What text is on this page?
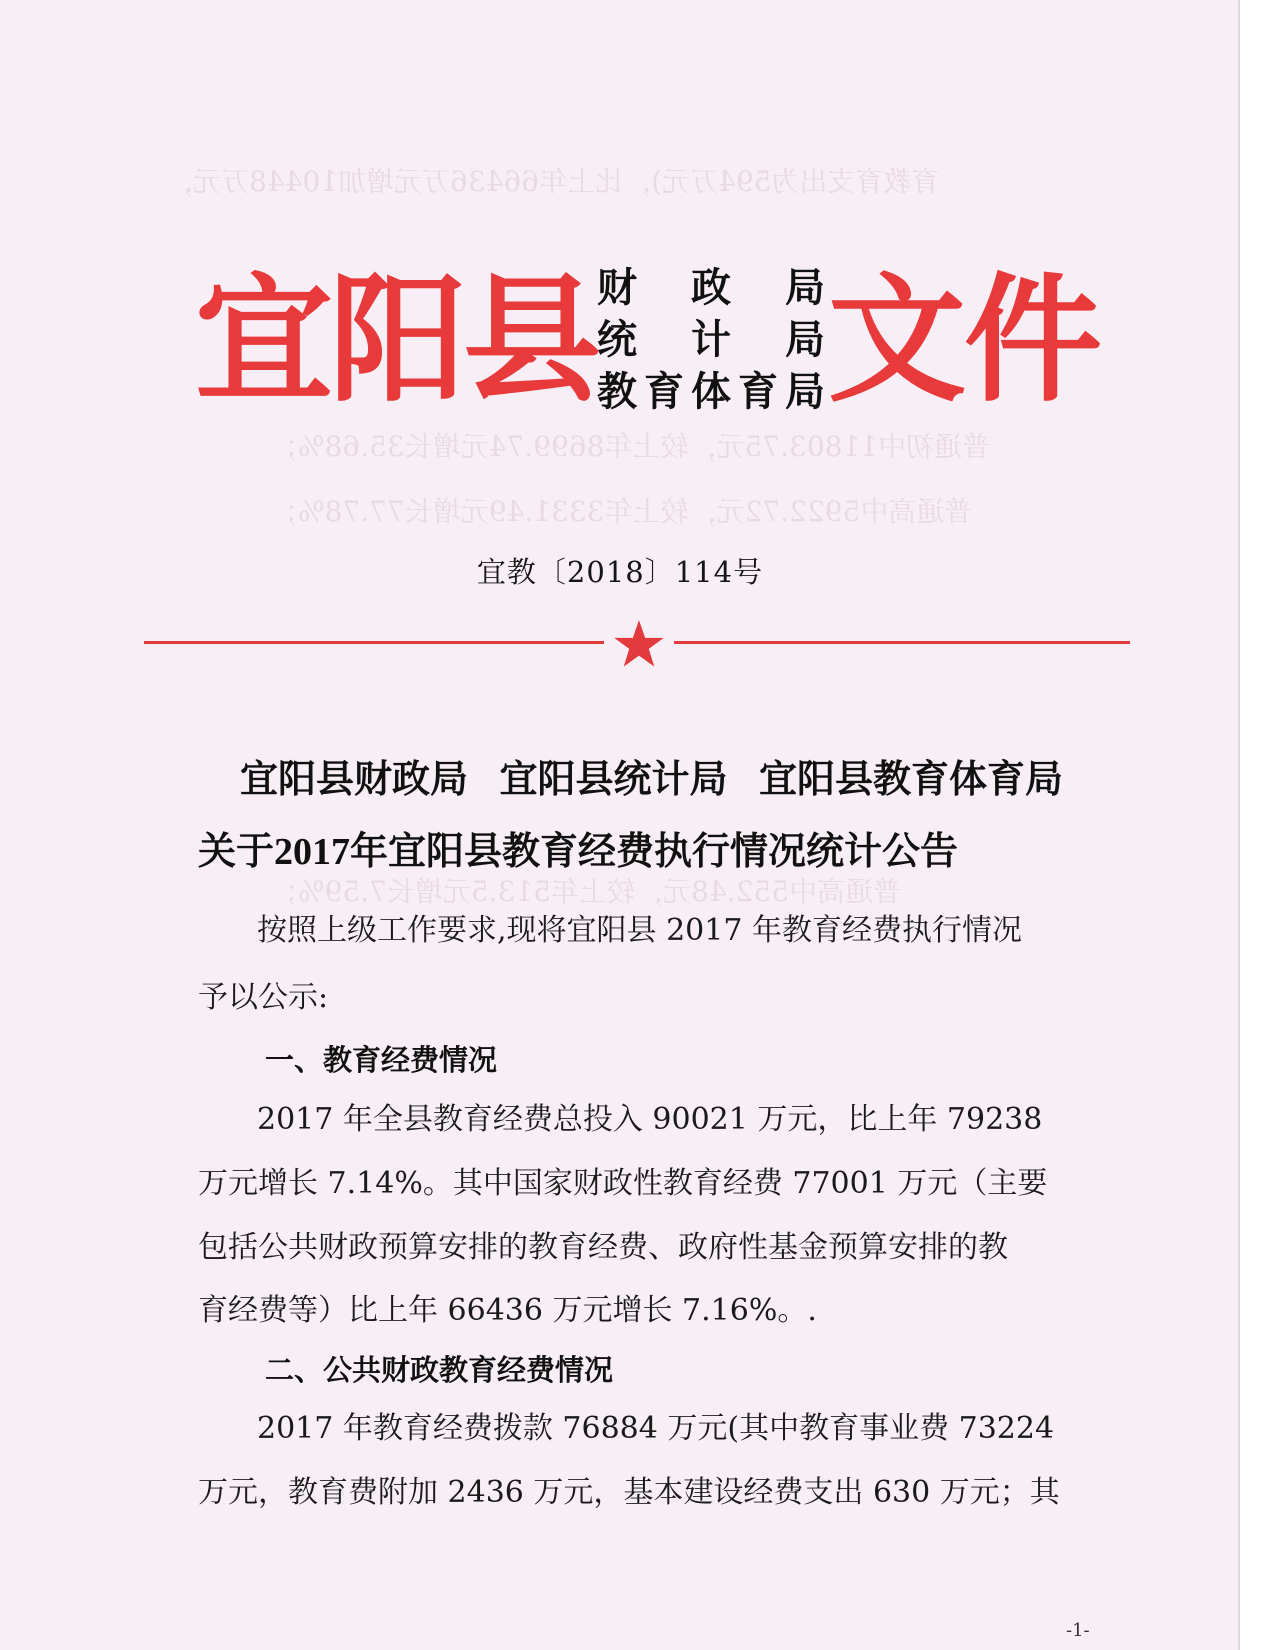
育教育支出为594万元)，比上年66436万元增加10448万元，
普通初中11803.75元，较上年8699.74元增长35.68%；
普通高中5922.72元，较上年3331.49元增长77.78%；
普通高中552.48元，较上年513.5元增长7.59%；
宜阳县 财 政 局
统 计 局
教 育 体 育 局 文件
宜教〔2018〕114号
宜阳县财政局 宜阳县统计局 宜阳县教育体育局
关于2017年宜阳县教育经费执行情况统计公告
按照上级工作要求,现将宜阳县 2017 年教育经费执行情况
予以公示:
一、教育经费情况
2017 年全县教育经费总投入 90021 万元，比上年 79238
万元增长 7.14%。其中国家财政性教育经费 77001 万元（主要
包括公共财政预算安排的教育经费、政府性基金预算安排的教
育经费等）比上年 66436 万元增长 7.16%。.
二、公共财政教育经费情况
2017 年教育经费拨款 76884 万元(其中教育事业费 73224
万元，教育费附加 2436 万元，基本建设经费支出 630 万元；其
-1-
